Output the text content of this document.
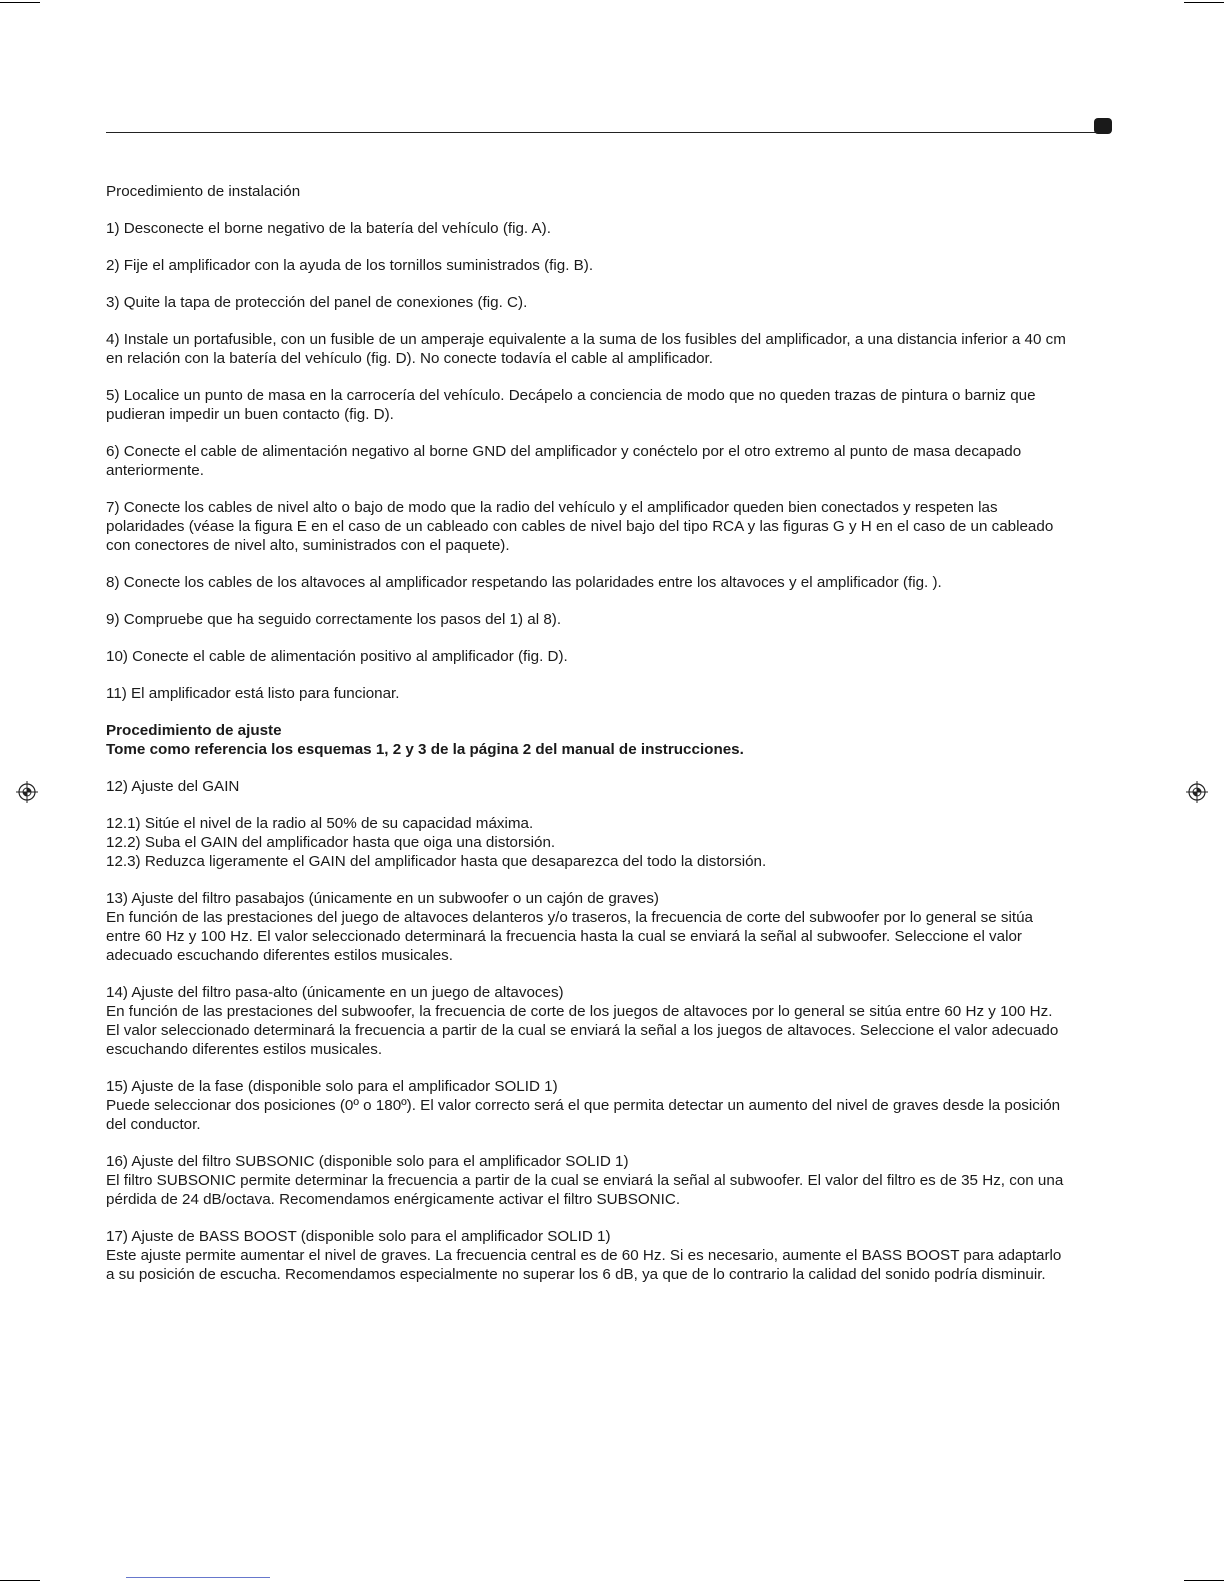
Procedimiento de instalación

1) Desconecte el borne negativo de la batería del vehículo (fig. A).

2) Fije el amplificador con la ayuda de los tornillos suministrados (fig. B).

3) Quite la tapa de protección del panel de conexiones (fig. C).

4) Instale un portafusible, con un fusible de un amperaje equivalente a la suma de los fusibles del amplificador, a una distancia inferior a 40 cm en relación con la batería del vehículo (fig. D). No conecte todavía el cable al amplificador.

5) Localice un punto de masa en la carrocería del vehículo. Decápelo a conciencia de modo que no queden trazas de pintura o barniz que pudieran impedir un buen contacto (fig. D).

6) Conecte el cable de alimentación negativo al borne GND del amplificador y conéctelo por el otro extremo al punto de masa decapado anteriormente.

7) Conecte los cables de nivel alto o bajo de modo que la radio del vehículo y el amplificador queden bien conectados y respeten las polaridades (véase la figura E en el caso de un cableado con cables de nivel bajo del tipo RCA y las figuras G y H en el caso de un cableado con conectores de nivel alto, suministrados con el paquete).

8) Conecte los cables de los altavoces al amplificador respetando las polaridades entre los altavoces y el amplificador (fig. ).

9) Compruebe que ha seguido correctamente los pasos del 1) al 8).

10) Conecte el cable de alimentación positivo al amplificador (fig. D).

11) El amplificador está listo para funcionar.

Procedimiento de ajuste

Tome como referencia los esquemas 1, 2 y 3 de la página 2 del manual de instrucciones.

12) Ajuste del GAIN

12.1) Sitúe el nivel de la radio al 50% de su capacidad máxima.

12.2) Suba el GAIN del amplificador hasta que oiga una distorsión.

12.3) Reduzca ligeramente el GAIN del amplificador hasta que desaparezca del todo la distorsión.

13) Ajuste del filtro pasabajos (únicamente en un subwoofer o un cajón de graves)

En función de las prestaciones del juego de altavoces delanteros y/o traseros, la frecuencia de corte del subwoofer por lo general se sitúa entre 60 Hz y 100 Hz. El valor seleccionado determinará la frecuencia hasta la cual se enviará la señal al subwoofer. Seleccione el valor adecuado escuchando diferentes estilos musicales.

14) Ajuste del filtro pasa-alto (únicamente en un juego de altavoces)

En función de las prestaciones del subwoofer, la frecuencia de corte de los juegos de altavoces por lo general se sitúa entre 60 Hz y 100 Hz. El valor seleccionado determinará la frecuencia a partir de la cual se enviará la señal a los juegos de altavoces. Seleccione el valor adecuado escuchando diferentes estilos musicales.

15) Ajuste de la fase (disponible solo para el amplificador SOLID 1)

Puede seleccionar dos posiciones (0º o 180º). El valor correcto será el que permita detectar un aumento del nivel de graves desde la posición del conductor.

16) Ajuste del filtro SUBSONIC (disponible solo para el amplificador SOLID 1)

El filtro SUBSONIC permite determinar la frecuencia a partir de la cual se enviará la señal al subwoofer. El valor del filtro es de 35 Hz, con una pérdida de 24 dB/octava. Recomendamos enérgicamente activar el filtro SUBSONIC.

17) Ajuste de BASS BOOST (disponible solo para el amplificador SOLID 1)

Este ajuste permite aumentar el nivel de graves. La frecuencia central es de 60 Hz. Si es necesario, aumente el BASS BOOST para adaptarlo a su posición de escucha. Recomendamos especialmente no superar los 6 dB, ya que de lo contrario la calidad del sonido podría disminuir.
